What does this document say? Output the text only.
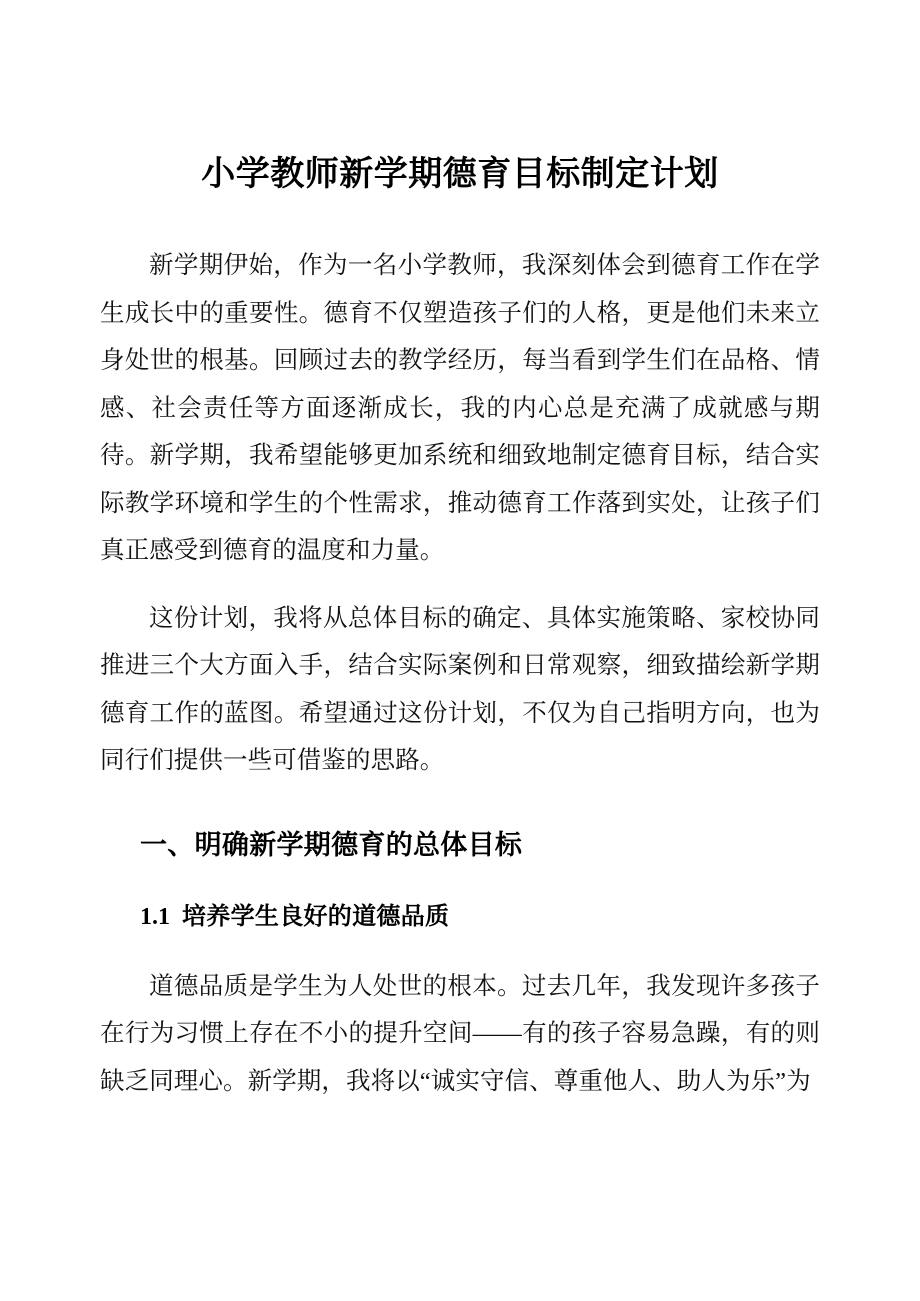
小学教师新学期德育目标制定计划

新学期伊始，作为一名小学教师，我深刻体会到德育工作在学生成长中的重要性。德育不仅塑造孩子们的人格，更是他们未来立身处世的根基。回顾过去的教学经历，每当看到学生们在品格、情感、社会责任等方面逐渐成长，我的内心总是充满了成就感与期待。新学期，我希望能够更加系统和细致地制定德育目标，结合实际教学环境和学生的个性需求，推动德育工作落到实处，让孩子们真正感受到德育的温度和力量。

这份计划，我将从总体目标的确定、具体实施策略、家校协同推进三个大方面入手，结合实际案例和日常观察，细致描绘新学期德育工作的蓝图。希望通过这份计划，不仅为自己指明方向，也为同行们提供一些可借鉴的思路。

一、明确新学期德育的总体目标
1.1 培养学生良好的道德品质

道德品质是学生为人处世的根本。过去几年，我发现许多孩子在行为习惯上存在不小的提升空间——有的孩子容易急躁，有的则缺乏同理心。新学期，我将以“诚实守信、尊重他人、助人为乐”为
